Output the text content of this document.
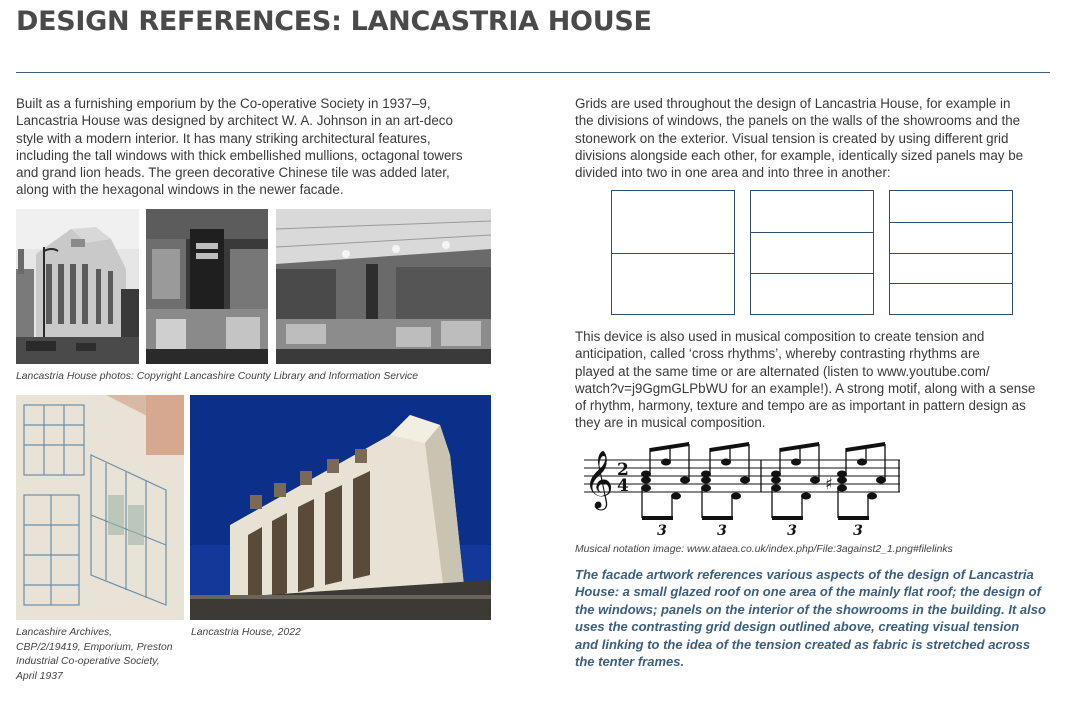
DESIGN REFERENCES: LANCASTRIA HOUSE

Built as a furnishing emporium by the Co-operative Society in 1937–9,
Lancastria House was designed by architect W. A. Johnson in an art-deco
style with a modern interior. It has many striking architectural features,
including the tall windows with thick embellished mullions, octagonal towers
and grand lion heads. The green decorative Chinese tile was added later,
along with the hexagonal windows in the newer facade.

Lancastria House photos: Copyright Lancashire County Library and Information Service

Lancashire Archives,
CBP/2/19419, Emporium, Preston
Industrial Co-operative Society,
April 1937

Lancastria House, 2022

Grids are used throughout the design of Lancastria House, for example in
the divisions of windows, the panels on the walls of the showrooms and the
stonework on the exterior. Visual tension is created by using different grid
divisions alongside each other, for example, identically sized panels may be
divided into two in one area and into three in another:

This device is also used in musical composition to create tension and
anticipation, called ‘cross rhythms’, whereby contrasting rhythms are
played at the same time or are alternated (listen to www.youtube.com/
watch?v=j9GgmGLPbWU for an example!). A strong motif, along with a sense
of rhythm, harmony, texture and tempo are as important in pattern design as
they are in musical composition.

𝄞 2
4	♯
3	3	3	3

Musical notation image: www.ataea.co.uk/index.php/File:3against2_1.png#filelinks

The facade artwork references various aspects of the design of Lancastria
House: a small glazed roof on one area of the mainly flat roof; the design of
the windows; panels on the interior of the showrooms in the building. It also
uses the contrasting grid design outlined above, creating visual tension
and linking to the idea of the tension created as fabric is stretched across
the tenter frames.
